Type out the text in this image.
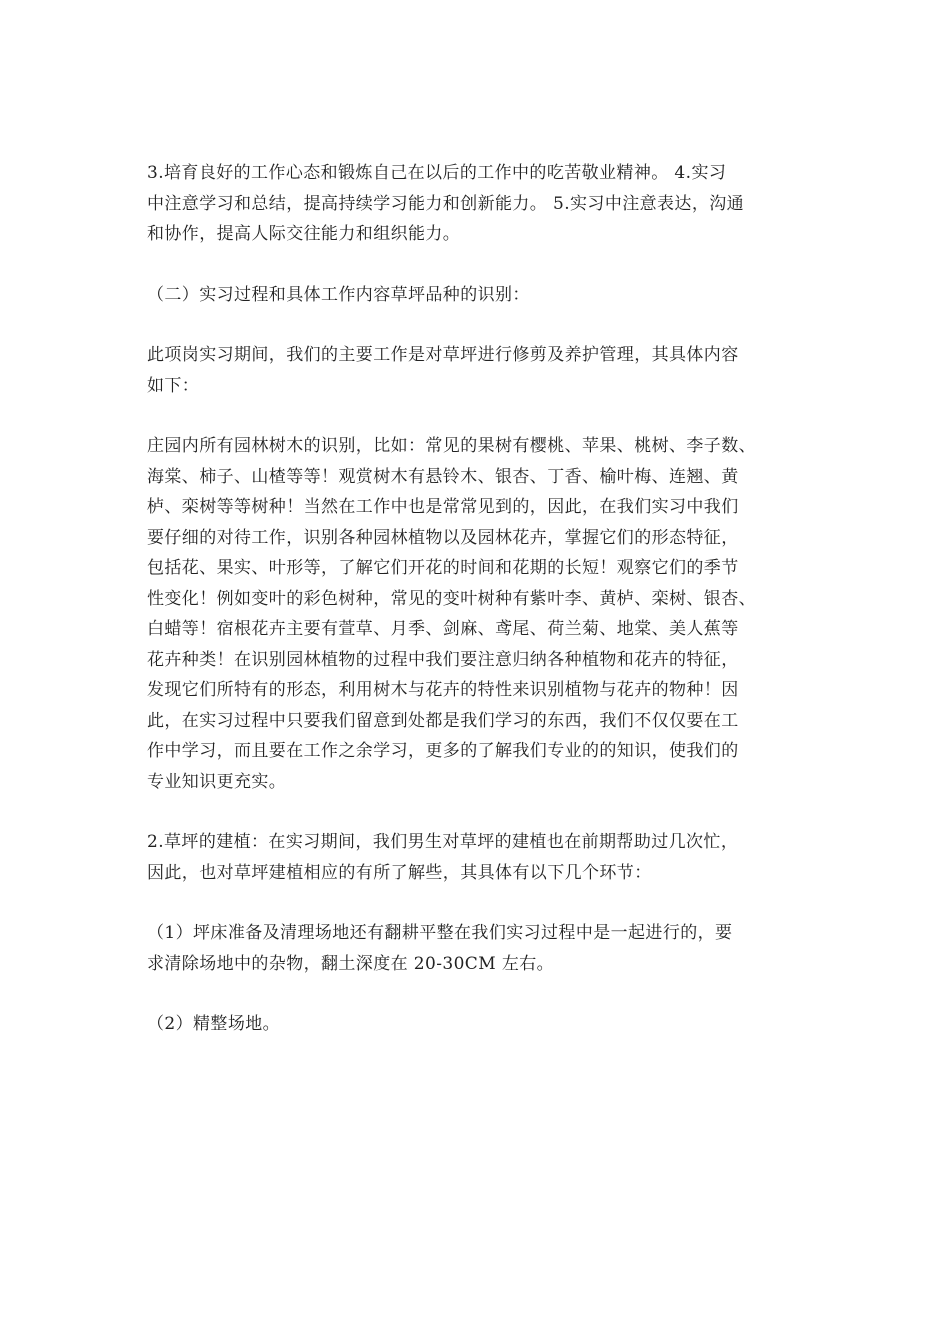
3.培育良好的工作心态和锻炼自己在以后的工作中的吃苦敬业精神。 4.实习
中注意学习和总结，提高持续学习能力和创新能力。 5.实习中注意表达，沟通
和协作，提高人际交往能力和组织能力。
（二）实习过程和具体工作内容草坪品种的识别：
此项岗实习期间，我们的主要工作是对草坪进行修剪及养护管理，其具体内容
如下：
庄园内所有园林树木的识别，比如：常见的果树有樱桃、苹果、桃树、李子数、
海棠、柿子、山楂等等！观赏树木有悬铃木、银杏、丁香、榆叶梅、连翘、黄
栌、栾树等等树种！当然在工作中也是常常见到的，因此，在我们实习中我们
要仔细的对待工作，识别各种园林植物以及园林花卉，掌握它们的形态特征，
包括花、果实、叶形等，了解它们开花的时间和花期的长短！观察它们的季节
性变化！例如变叶的彩色树种，常见的变叶树种有紫叶李、黄栌、栾树、银杏、
白蜡等！宿根花卉主要有萱草、月季、剑麻、鸢尾、荷兰菊、地棠、美人蕉等
花卉种类！在识别园林植物的过程中我们要注意归纳各种植物和花卉的特征，
发现它们所特有的形态，利用树木与花卉的特性来识别植物与花卉的物种！因
此，在实习过程中只要我们留意到处都是我们学习的东西，我们不仅仅要在工
作中学习，而且要在工作之余学习，更多的了解我们专业的的知识，使我们的
专业知识更充实。
2.草坪的建植：在实习期间，我们男生对草坪的建植也在前期帮助过几次忙，
因此，也对草坪建植相应的有所了解些，其具体有以下几个环节：
（1）坪床准备及清理场地还有翻耕平整在我们实习过程中是一起进行的，要
求清除场地中的杂物，翻土深度在 20-30CM 左右。
（2）精整场地。
